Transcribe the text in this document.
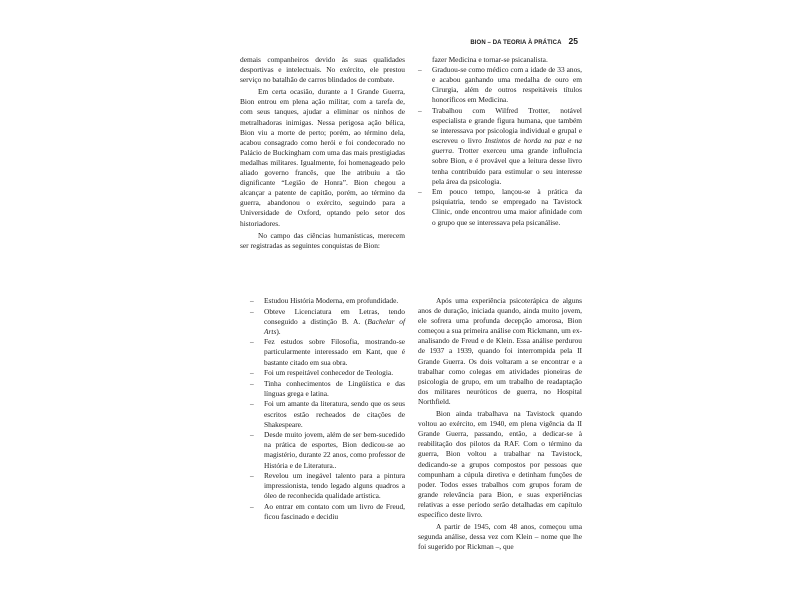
BION – DA TEORIA À PRÁTICA 25

demais companheiros devido às suas qualidades desportivas e intelectuais. No exército, ele prestou serviço no batalhão de carros blindados de combate.

Em certa ocasião, durante a I Grande Guerra, Bion entrou em plena ação militar, com a tarefa de, com seus tanques, ajudar a eliminar os ninhos de metralhadoras inimigas. Nessa perigosa ação bélica, Bion viu a morte de perto; porém, ao término dela, acabou consagrado como herói e foi condecorado no Palácio de Buckingham com uma das mais prestigiadas medalhas militares. Igualmente, foi homenageado pelo aliado governo francês, que lhe atribuiu a tão dignificante “Legião de Honra”. Bion chegou a alcançar a patente de capitão, porém, ao término da guerra, abandonou o exército, seguindo para a Universidade de Oxford, optando pelo setor dos historiadores.

No campo das ciências humanísticas, merecem ser registradas as seguintes conquistas de Bion:

fazer Medicina e tornar-se psicanalista.
– Graduou-se como médico com a idade de 33 anos, e acabou ganhando uma medalha de ouro em Cirurgia, além de outros respeitáveis títulos honoríficos em Medicina.
– Trabalhou com Wilfred Trotter, notável especialista e grande figura humana, que também se interessava por psicologia individual e grupal e escreveu o livro Instintos de horda na paz e na guerra. Trotter exerceu uma grande influência sobre Bion, e é provável que a leitura desse livro tenha contribuído para estimular o seu interesse pela área da psicologia.
– Em pouco tempo, lançou-se à prática da psiquiatria, tendo se empregado na Tavistock Clinic, onde encontrou uma maior afinidade com o grupo que se interessava pela psicanálise.
– Estudou História Moderna, em profundidade.
– Obteve Licenciatura em Letras, tendo conseguido a distinção B. A. (Bachelar of Arts).
– Fez estudos sobre Filosofia, mostrando-se particularmente interessado em Kant, que é bastante citado em sua obra.
– Foi um respeitável conhecedor de Teologia.
– Tinha conhecimentos de Lingüística e das línguas grega e latina.
– Foi um amante da literatura, sendo que os seus escritos estão recheados de citações de Shakespeare.
– Desde muito jovem, além de ser bem-sucedido na prática de esportes, Bion dedicou-se ao magistério, durante 22 anos, como professor de História e de Literatura..
– Revelou um inegável talento para a pintura impressionista, tendo legado alguns quadros a óleo de reconhecida qualidade artística.
– Ao entrar em contato com um livro de Freud, ficou fascinado e decidiu

Após uma experiência psicoterápica de alguns anos de duração, iniciada quando, ainda muito jovem, ele sofrera uma profunda decepção amorosa, Bion começou a sua primeira análise com Rickmann, um ex-analisando de Freud e de Klein. Essa análise perdurou de 1937 a 1939, quando foi interrompida pela II Grande Guerra. Os dois voltaram a se encontrar e a trabalhar como colegas em atividades pioneiras de psicologia de grupo, em um trabalho de readaptação dos militares neuróticos de guerra, no Hospital Northfield.

Bion ainda trabalhava na Tavistock quando voltou ao exército, em 1940, em plena vigência da II Grande Guerra, passando, então, a dedicar-se à reabilitação dos pilotos da RAF. Com o término da guerra, Bion voltou a trabalhar na Tavistock, dedicando-se a grupos compostos por pessoas que compunham a cúpula diretiva e detinham funções de poder. Todos esses trabalhos com grupos foram de grande relevância para Bion, e suas experiências relativas a esse período serão detalhadas em capítulo específico deste livro.

A partir de 1945, com 48 anos, começou uma segunda análise, dessa vez com Klein – nome que lhe foi sugerido por Rickman –, que
